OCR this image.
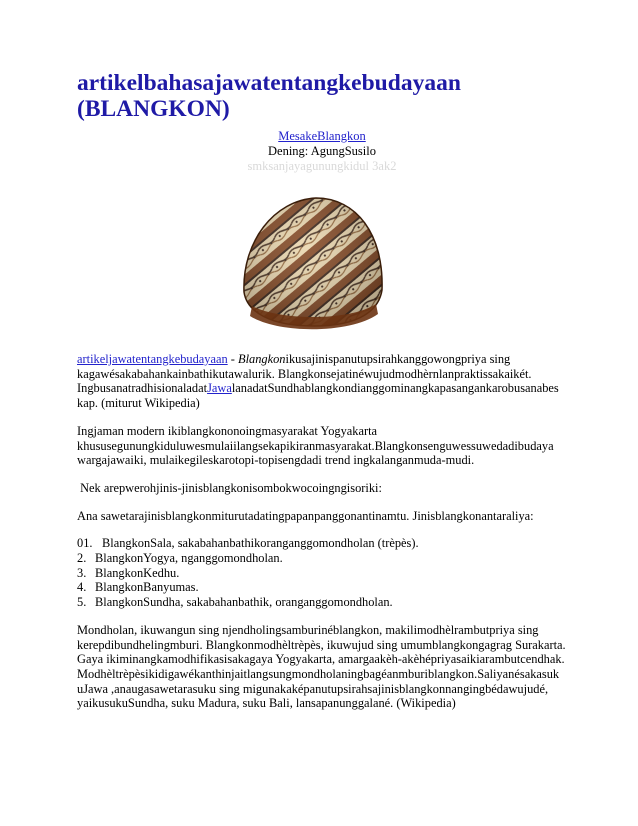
artikelbahasajawatentangkebudayaan (BLANGKON)
MesakeBlangkon
Dening: AgungSusilo
smksanjayagunungkidul 3ak2

artikeljawatentangkebudayaan - Blangkonikusajinispanutupsirahkanggowongpriya sing kagawésakabahankainbathikutawalurik. Blangkonsejatinéwujudmodhèrnlanpraktissakaikét. IngbusanatradhisionaladatJawalanadatSundhablangkondianggominangkapasangankarobusanabes kap. (miturut Wikipedia)

Ingjaman modern ikiblangkononoingmasyarakat Yogyakarta khususegunungkiduluwesmulaiilangsekapikiranmasyarakat.Blangkonsenguwessuwedadibudaya wargajawaiki, mulaikegileskarotopi-topisengdadi trend ingkalanganmuda-mudi.

Nek arepwerohjinis-jinisblangkonisombokwocoingngisoriki:

Ana sawetarajinisblangkonmiturutadatingpapanpanggonantinamtu. Jinisblangkonantaraliya:

01. BlangkonSala, sakabahanbathikoranganggomondholan (trèpès).
2. BlangkonYogya, nganggomondholan.
3. BlangkonKedhu.
4. BlangkonBanyumas.
5. BlangkonSundha, sakabahanbathik, oranganggomondholan.

Mondholan, ikuwangun sing njendholingsamburinéblangkon, makilimodhèlrambutpriya sing kerepdibundhelingmburi. Blangkonmodhèltrèpès, ikuwujud sing umumblangkongagrag Surakarta. Gaya ikiminangkamodhifikasisakagaya Yogyakarta, amargaakèh-akèhépriyasaikiarambutcendhak. Modhèltrèpèsikidigawékanthinjaitlangsungmondholaningbagéanmburiblangkon.Saliyanésakasuk uJawa ,anaugasawetarasuku sing migunakaképanutupsirahsajinisblangkonnangingbédawujudé, yaikusukuSundha, suku Madura, suku Bali, lansapanunggalané. (Wikipedia)
